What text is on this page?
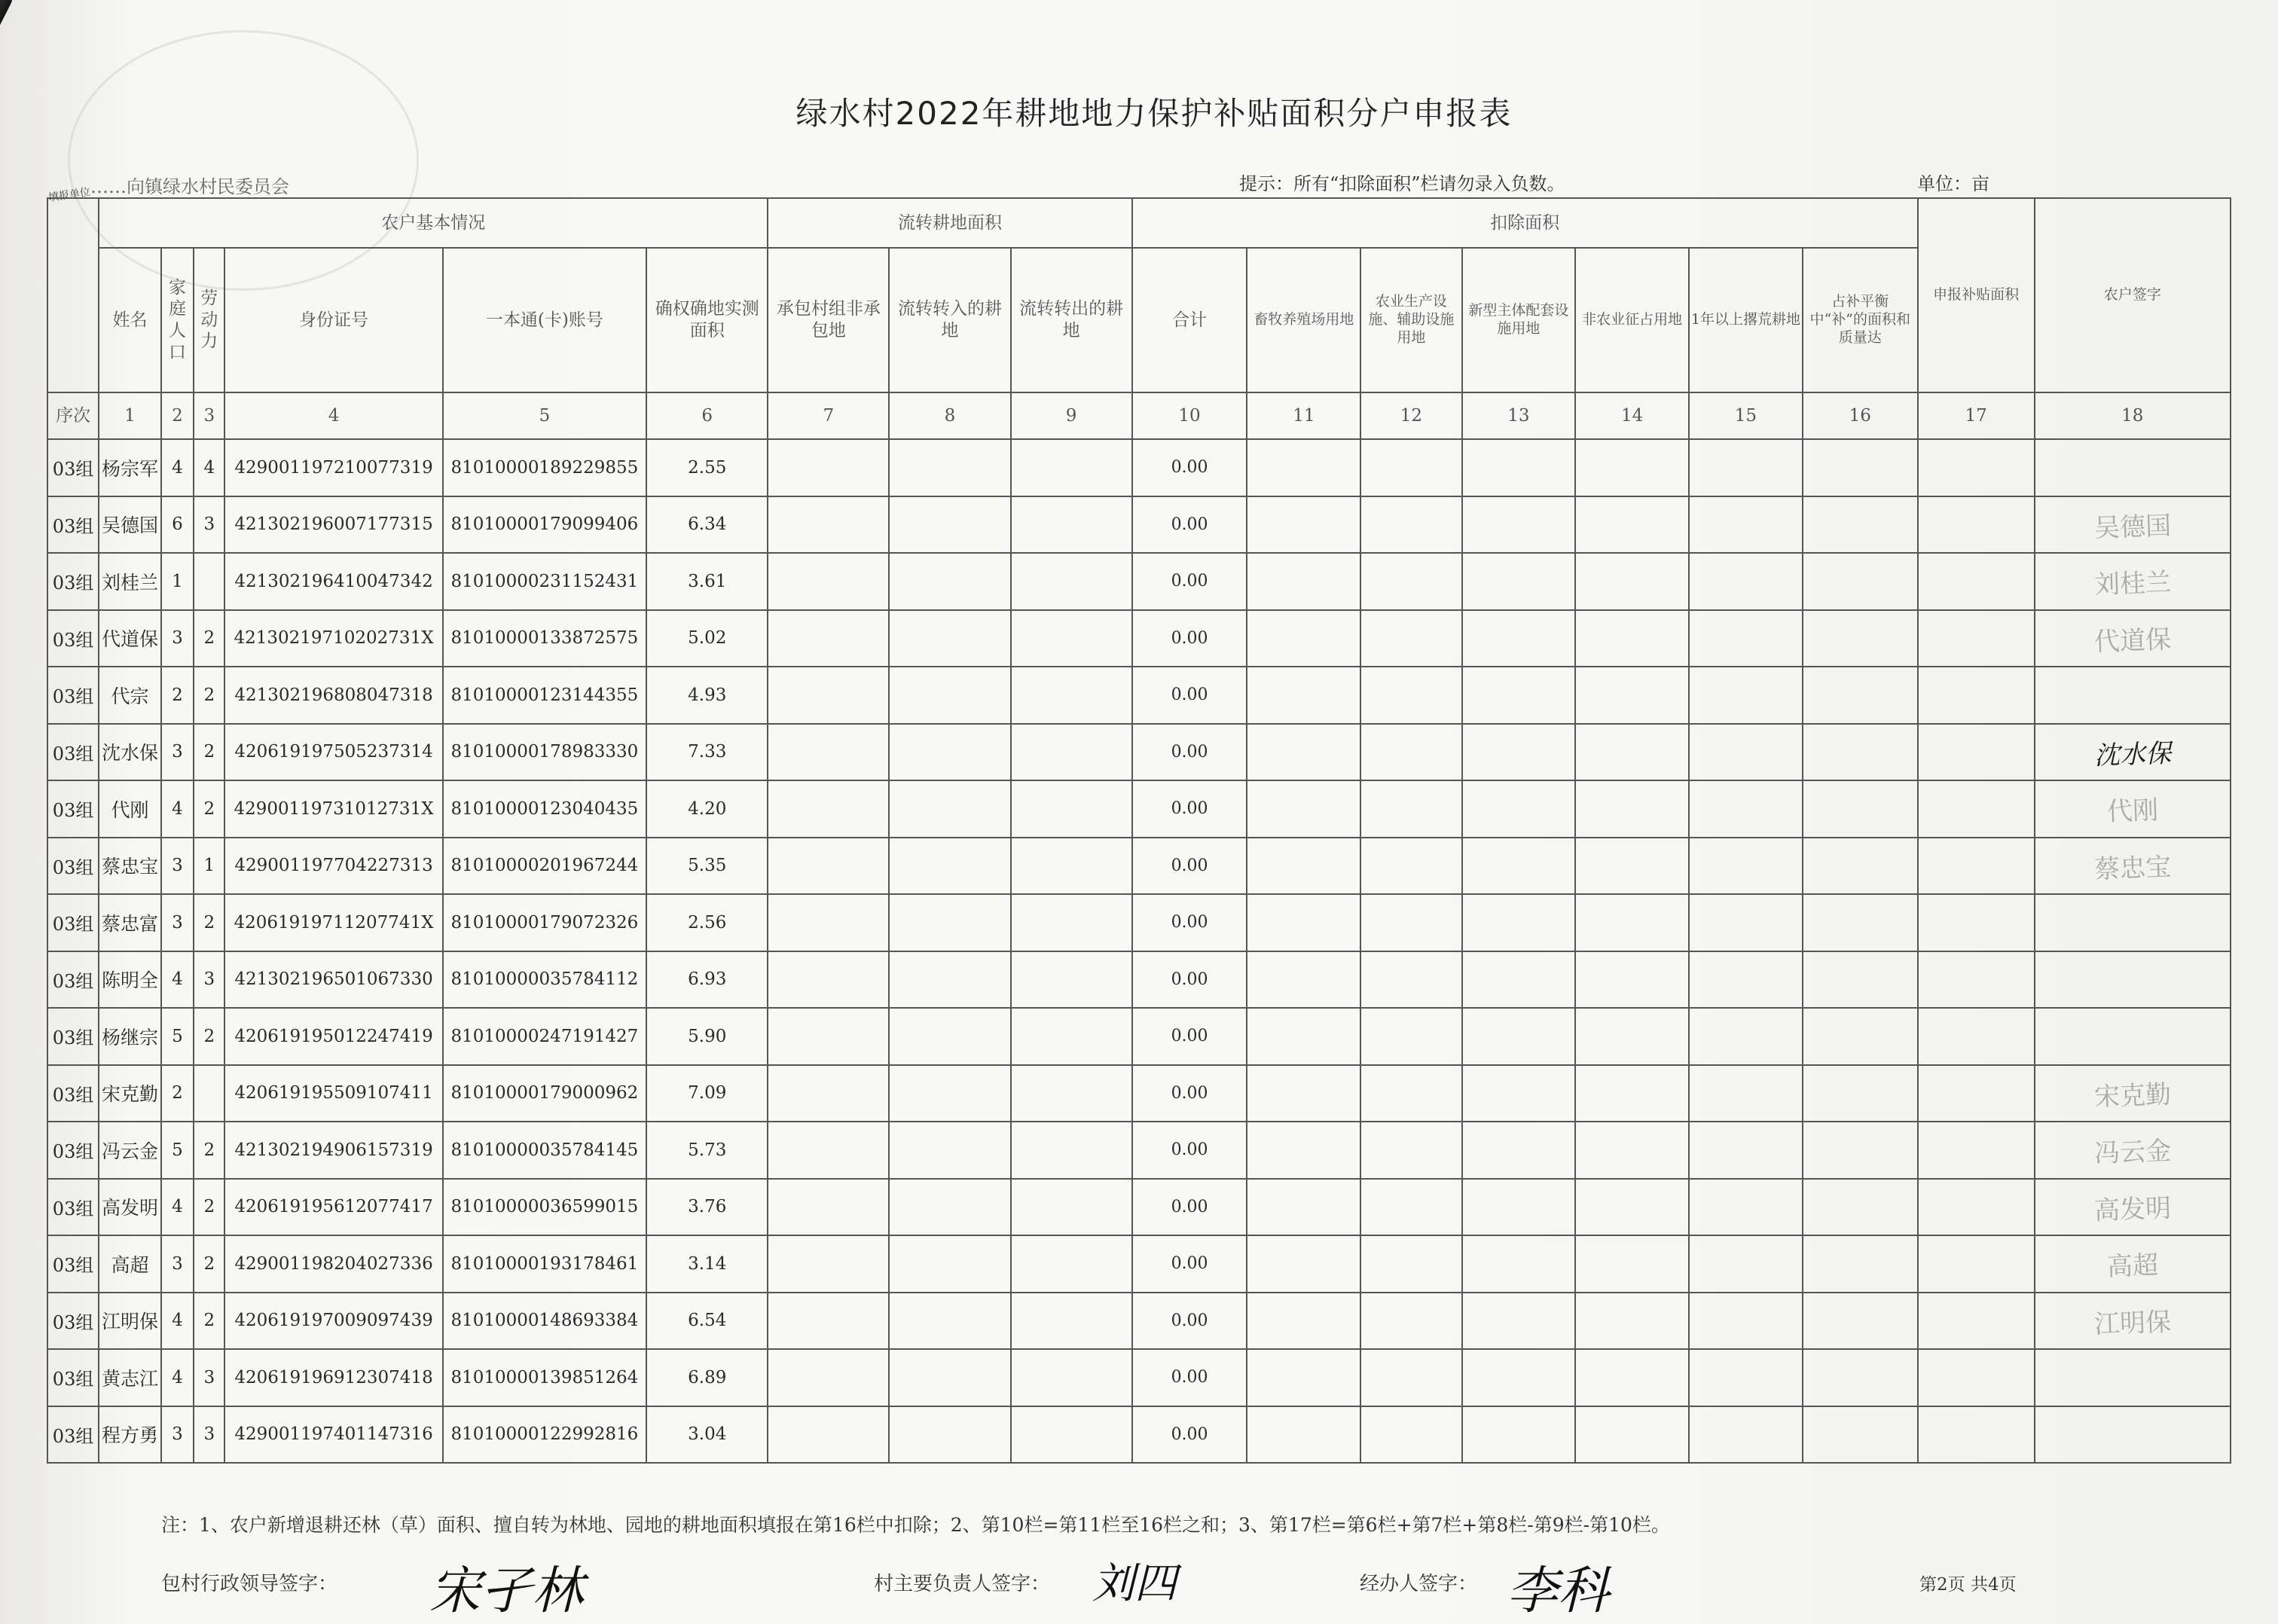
绿水村2022年耕地地力保护补贴面积分户申报表
填报单位 ……向镇绿水村民委员会	提示：所有“扣除面积”栏请勿录入负数。	单位：亩
	农户基本情况						流转耕地面积			扣除面积							申报补贴面积	农户签字
	姓名	家庭人口	劳动力	身份证号	一本通(卡)账号	确权确地实测面积	承包村组非承包地	流转转入的耕地	流转转出的耕地	合计	畜牧养殖场用地	农业生产设施、辅助设施用地	新型主体配套设施用地	非农业征占用地	1年以上撂荒耕地	占补平衡中“补”的面积和质量达		
序次	1	2	3	4	5	6	7	8	9	10	11	12	13	14	15	16	17	18
03组	杨宗军	4	4	429001197210077319	81010000189229855	2.55				0.00								
03组	吴德国	6	3	421302196007177315	81010000179099406	6.34				0.00								吴德国
03组	刘桂兰	1		421302196410047342	81010000231152431	3.61				0.00								刘桂兰
03组	代道保	3	2	42130219710202731X	81010000133872575	5.02				0.00								代道保
03组	代宗	2	2	421302196808047318	81010000123144355	4.93				0.00								
03组	沈水保	3	2	420619197505237314	81010000178983330	7.33				0.00								沈水保
03组	代刚	4	2	42900119731012731X	81010000123040435	4.20				0.00								代刚
03组	蔡忠宝	3	1	429001197704227313	81010000201967244	5.35				0.00								蔡忠宝
03组	蔡忠富	3	2	42061919711207741X	81010000179072326	2.56				0.00								
03组	陈明全	4	3	421302196501067330	81010000035784112	6.93				0.00								
03组	杨继宗	5	2	420619195012247419	81010000247191427	5.90				0.00								
03组	宋克勤	2		420619195509107411	81010000179000962	7.09				0.00								宋克勤
03组	冯云金	5	2	421302194906157319	81010000035784145	5.73				0.00								冯云金
03组	高发明	4	2	420619195612077417	81010000036599015	3.76				0.00								高发明
03组	高超	3	2	429001198204027336	81010000193178461	3.14				0.00								高超
03组	江明保	4	2	420619197009097439	81010000148693384	6.54				0.00								江明保
03组	黄志江	4	3	420619196912307418	81010000139851264	6.89				0.00								
03组	程方勇	3	3	429001197401147316	81010000122992816	3.04				0.00								
注：1、农户新增退耕还林（草）面积、擅自转为林地、园地的耕地面积填报在第16栏中扣除；2、第10栏=第11栏至16栏之和；3、第17栏=第6栏+第7栏+第8栏-第9栏-第10栏。
包村行政领导签字： 宋孑林	村主要负责人签字： 刘四	经办人签字： 李科	第2页 共4页
